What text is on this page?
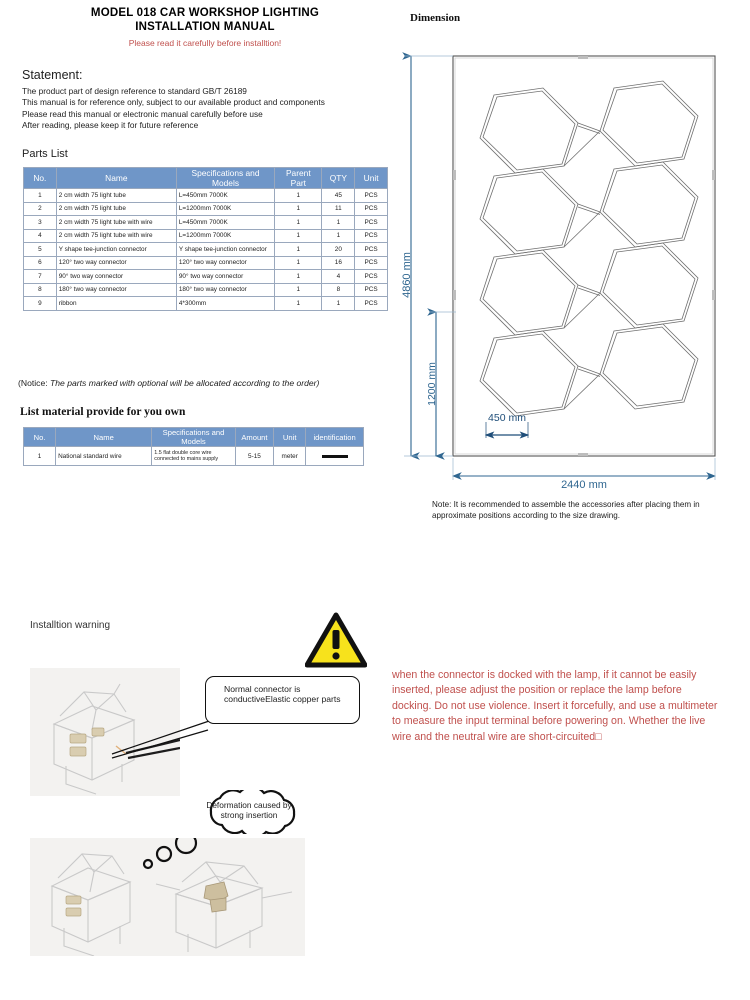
MODEL 018 CAR WORKSHOP LIGHTING
INSTALLATION MANUAL
Please read it carefully before installtion!
Statement:
The product part of design reference to standard GB/T 26189
This manual is for reference only, subject to our available product and components
Please read this manual or electronic manual carefully before use
After reading, please keep it for future reference
Parts List
No.	Name	Specifications and Models	Parent Part	QTY	Unit
1	2 cm width 75 light tube	L=450mm 7000K	1	45	PCS
2	2 cm width 75 light tube	L=1200mm 7000K	1	11	PCS
3	2 cm width 75 light tube with wire	L=450mm 7000K	1	1	PCS
4	2 cm width 75 light tube with wire	L=1200mm 7000K	1	1	PCS
5	Y shape tee-junction connector	Y shape tee-junction connector	1	20	PCS
6	120° two way connector	120° two way connector	1	16	PCS
7	90° two way connector	90° two way connector	1	4	PCS
8	180° two way connector	180° two way connector	1	8	PCS
9	ribbon	4*300mm	1	1	PCS
(Notice: The parts marked with optional will be allocated according to the order)
List material provide for you own
No.	Name	Specifications and Models	Amount	Unit	identification
1	National standard wire	1.5 flat double core wire
connected to mains supply	5-15	meter	
Dimension
4860 mm
1200 mm
450 mm
2440 mm
Note: It is recommended to assemble the accessories after placing them in approximate positions according to the size drawing.
Installtion warning
Normal connector is conductiveElastic copper parts
Deformation caused by strong insertion
when the connector is docked with the lamp, if it cannot be easily inserted, please adjust the position or replace the lamp before docking. Do not use violence. Insert it forcefully, and use a multimeter to measure the input terminal before powering on. Whether the live wire and the neutral wire are short-circuited□
